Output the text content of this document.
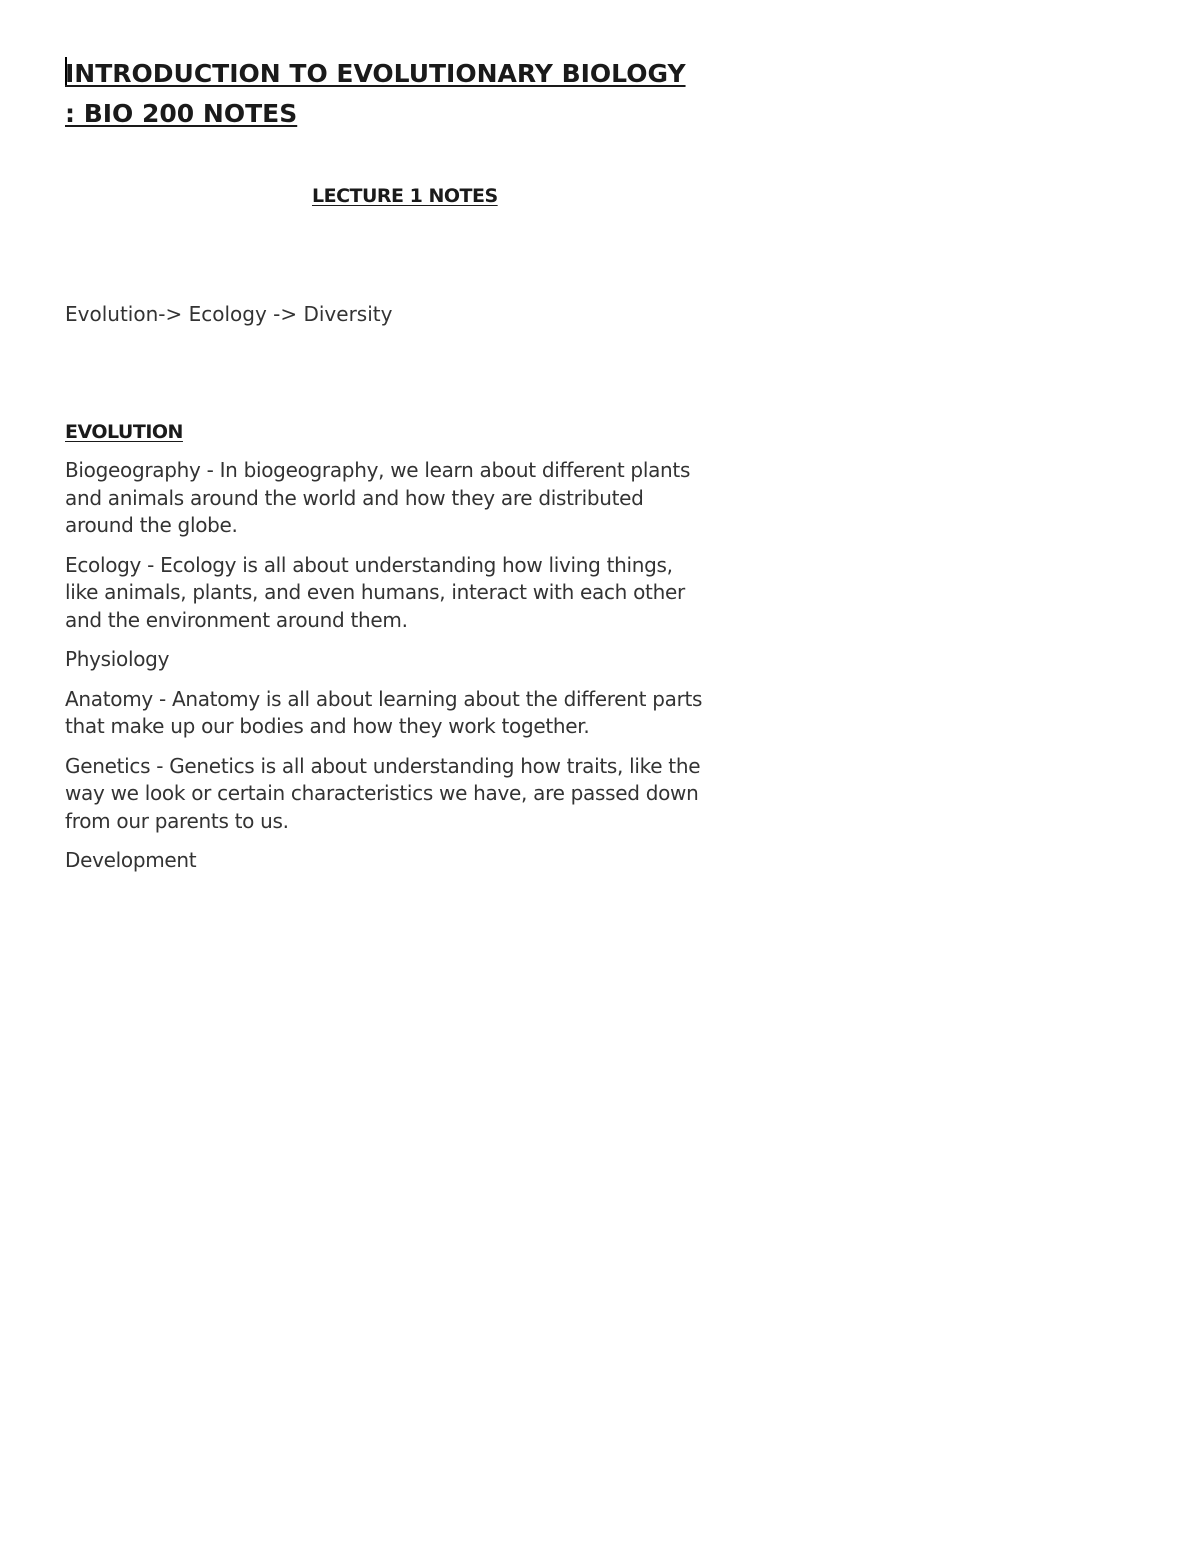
INTRODUCTION TO EVOLUTIONARY BIOLOGY
: BIO 200 NOTES
LECTURE 1 NOTES

Evolution-> Ecology -> Diversity

EVOLUTION
Biogeography - In biogeography, we learn about different plants and animals around the world and how they are distributed around the globe.
Ecology - Ecology is all about understanding how living things, like animals, plants, and even humans, interact with each other and the environment around them.
Physiology
Anatomy - Anatomy is all about learning about the different parts that make up our bodies and how they work together.
Genetics - Genetics is all about understanding how traits, like the way we look or certain characteristics we have, are passed down from our parents to us.
Development
